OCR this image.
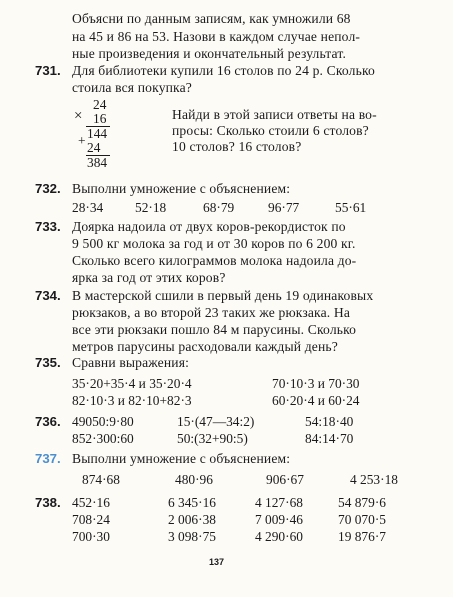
Объясни по данным записям, как умножили 68
на 45 и 86 на 53. Назови в каждом случае непол-
ные произведения и окончательный результат.
731. Для библиотеки купили 16 столов по 24 р. Сколько
стоила вся покупка?
×
24
16
144
24
+
384
Найди в этой записи ответы на во-
просы: Сколько стоили 6 столов?
10 столов? 16 столов?
732. Выполни умножение с объяснением:
28·34 52·18	68·79	96·77	55·61
733. Доярка надоила от двух коров-рекордисток по
9 500 кг молока за год и от 30 коров по 6 200 кг.
Сколько всего килограммов молока надоила до-
ярка за год от этих коров?
734. В мастерской сшили в первый день 19 одинаковых
рюкзаков, а во второй 23 таких же рюкзака. На
все эти рюкзаки пошло 84 м парусины. Сколько
метров парусины расходовали каждый день?
735. Сравни выражения:
35·20+35·4 и 35·20·4	70·10·3 и 70·30
82·10·3 и 82·10+82·3	60·20·4 и 60·24
736. 49050:9·80	15·(47—34:2)	54:18·40
852·300:60	50:(32+90:5)	84:14·70
737. Выполни умножение с объяснением:
874·68	480·96	906·67	4 253·18
738. 452·16	6 345·16	4 127·68	54 879·6
708·24	2 006·38	7 009·46	70 070·5
700·30	3 098·75	4 290·60	19 876·7
137
